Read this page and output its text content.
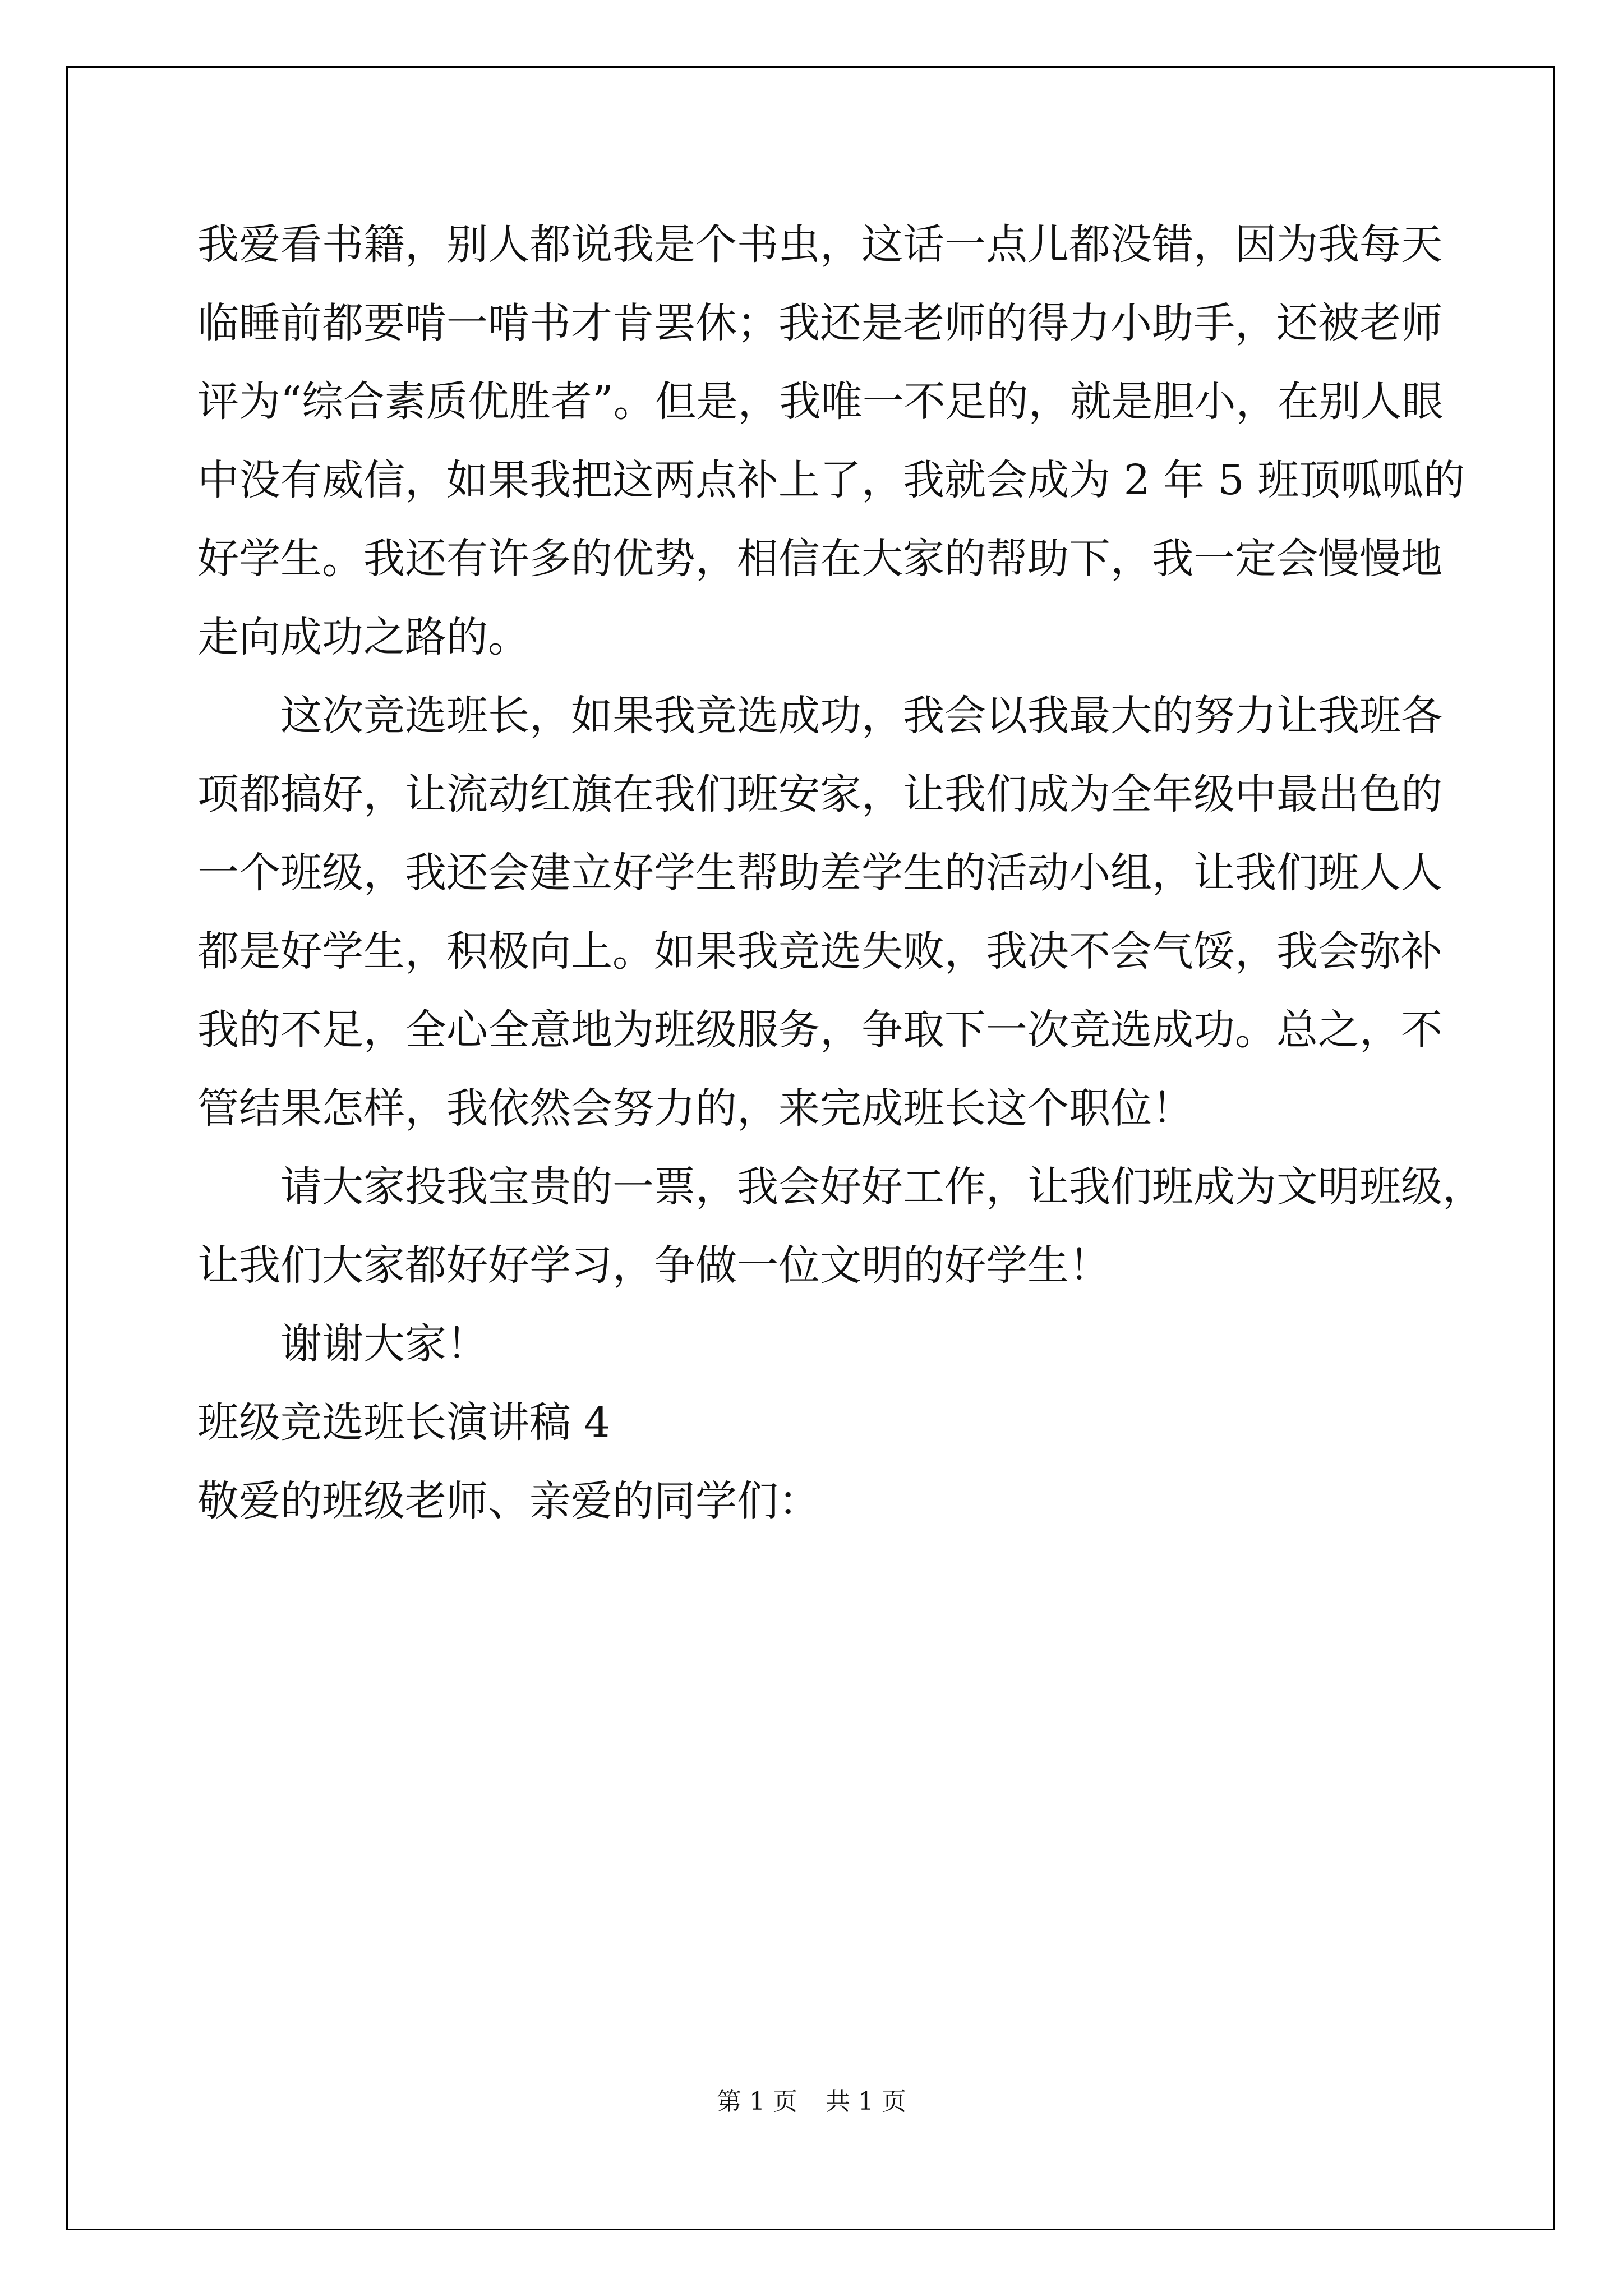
我爱看书籍，别人都说我是个书虫，这话一点儿都没错，因为我每天
临睡前都要啃一啃书才肯罢休；我还是老师的得力小助手，还被老师
评为“综合素质优胜者”。但是，我唯一不足的，就是胆小，在别人眼
中没有威信，如果我把这两点补上了，我就会成为 2 年 5 班顶呱呱的
好学生。我还有许多的优势，相信在大家的帮助下，我一定会慢慢地
走向成功之路的。
这次竞选班长，如果我竞选成功，我会以我最大的努力让我班各
项都搞好，让流动红旗在我们班安家，让我们成为全年级中最出色的
一个班级，我还会建立好学生帮助差学生的活动小组，让我们班人人
都是好学生，积极向上。如果我竞选失败，我决不会气馁，我会弥补
我的不足，全心全意地为班级服务，争取下一次竞选成功。总之，不
管结果怎样，我依然会努力的，来完成班长这个职位！
请大家投我宝贵的一票，我会好好工作，让我们班成为文明班级，
让我们大家都好好学习，争做一位文明的好学生！
谢谢大家！
班级竞选班长演讲稿 4
敬爱的班级老师、亲爱的同学们：
第 1 页 共 1 页
